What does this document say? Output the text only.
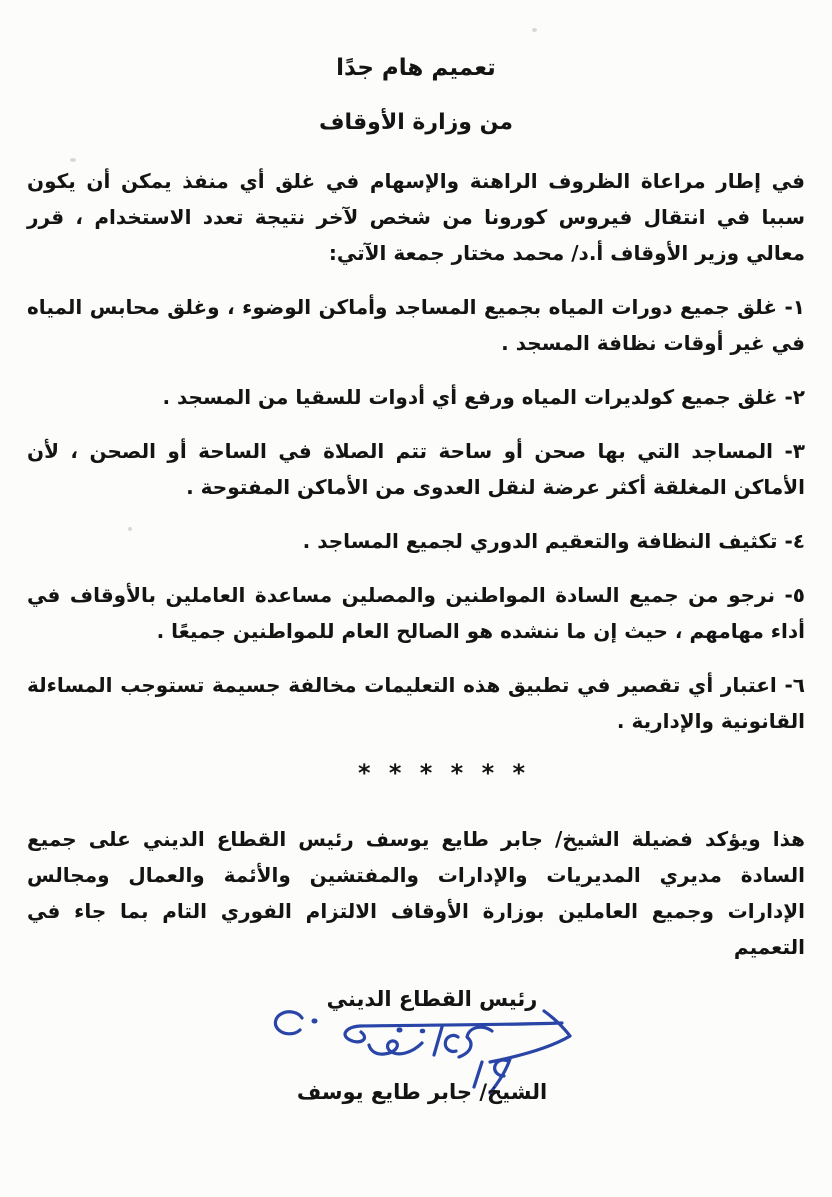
تعميم هام جدًا
من وزارة الأوقاف

في إطار مراعاة الظروف الراهنة والإسهام في غلق أي منفذ يمكن أن يكون سببا في انتقال فيروس كورونا من شخص لآخر نتيجة تعدد الاستخدام ، قرر معالي وزير الأوقاف أ.د/ محمد مختار جمعة الآتي:

١- غلق جميع دورات المياه بجميع المساجد وأماكن الوضوء ، وغلق محابس المياه في غير أوقات نظافة المسجد .

٢- غلق جميع كولديرات المياه ورفع أي أدوات للسقيا من المسجد .

٣- المساجد التي بها صحن أو ساحة تتم الصلاة في الساحة أو الصحن ، لأن الأماكن المغلقة أكثر عرضة لنقل العدوى من الأماكن المفتوحة .

٤- تكثيف النظافة والتعقيم الدوري لجميع المساجد .

٥- نرجو من جميع السادة المواطنين والمصلين مساعدة العاملين بالأوقاف في أداء مهامهم ، حيث إن ما ننشده هو الصالح العام للمواطنين جميعًا .

٦- اعتبار أي تقصير في تطبيق هذه التعليمات مخالفة جسيمة تستوجب المساءلة القانونية والإدارية .

* * * * * *

هذا ويؤكد فضيلة الشيخ/ جابر طايع يوسف رئيس القطاع الديني على جميع السادة مديري المديريات والإدارات والمفتشين والأئمة والعمال ومجالس الإدارات وجميع العاملين بوزارة الأوقاف الالتزام الفوري التام بما جاء في التعميم

رئيس القطاع الديني
الشيخ/ جابر طايع يوسف
